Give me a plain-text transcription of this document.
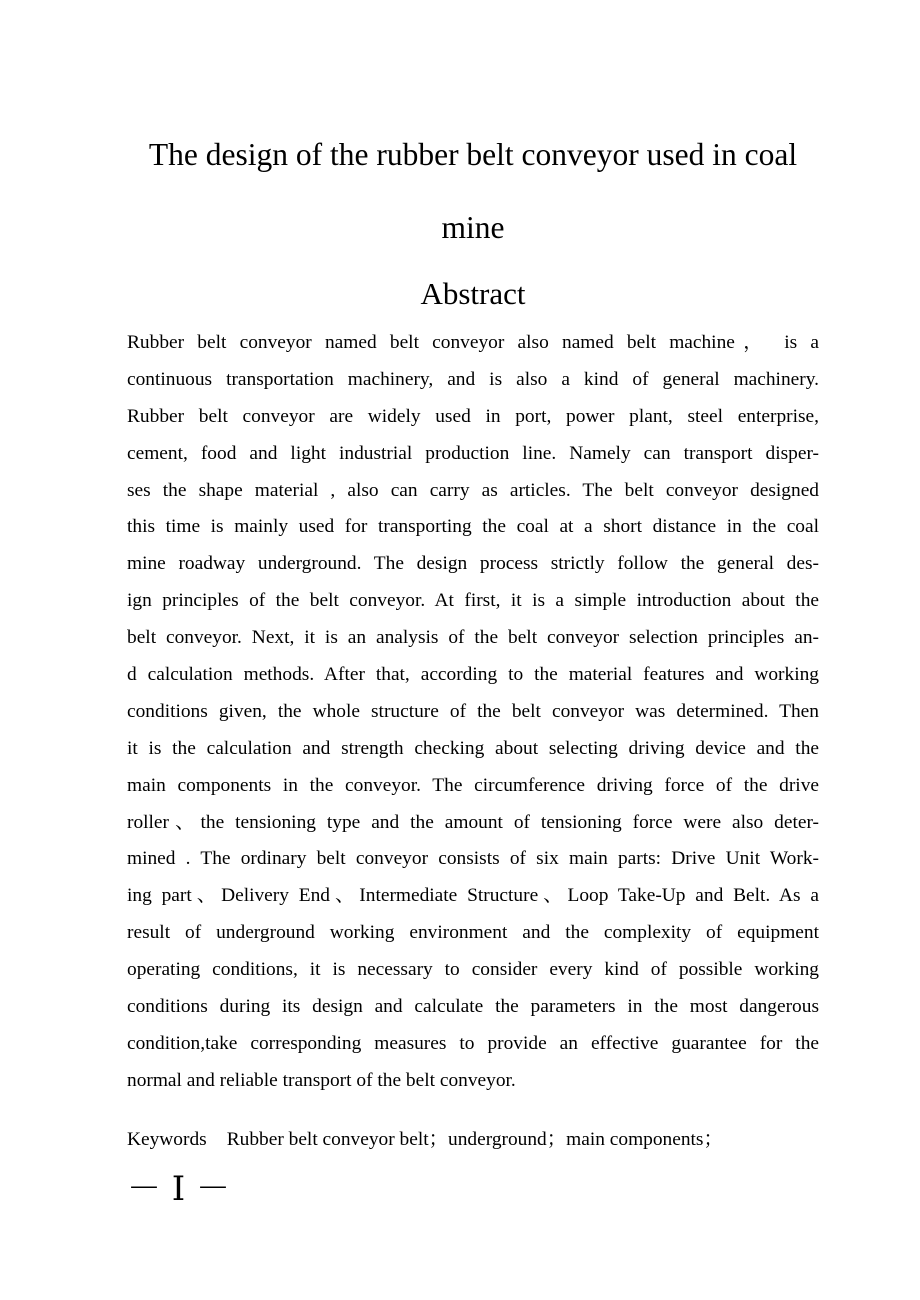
The design of the rubber belt conveyor used in coal
mine
Abstract

Rubber belt conveyor named belt conveyor also named belt machine， is a
continuous transportation machinery, and is also a kind of general machinery.
Rubber belt conveyor are widely used in port, power plant, steel enterprise,
cement, food and light industrial production line. Namely can transport disper-
ses the shape material , also can carry as articles. The belt conveyor designed
this time is mainly used for transporting the coal at a short distance in the coal
mine roadway underground. The design process strictly follow the general des-
ign principles of the belt conveyor. At first, it is a simple introduction about the
belt conveyor. Next, it is an analysis of the belt conveyor selection principles an-
d calculation methods. After that, according to the material features and working
conditions given, the whole structure of the belt conveyor was determined. Then
it is the calculation and strength checking about selecting driving device and the
main components in the conveyor. The circumference driving force of the drive
roller、the tensioning type and the amount of tensioning force were also deter-
mined . The ordinary belt conveyor consists of six main parts: Drive Unit Work-
ing part、Delivery End、Intermediate Structure、Loop Take-Up and Belt. As a
result of underground working environment and the complexity of equipment
operating conditions, it is necessary to consider every kind of possible working
conditions during its design and calculate the parameters in the most dangerous
condition,take corresponding measures to provide an effective guarantee for the
normal and reliable transport of the belt conveyor.

Keywords Rubber belt conveyor belt；underground；main components；
－ Ⅰ －
